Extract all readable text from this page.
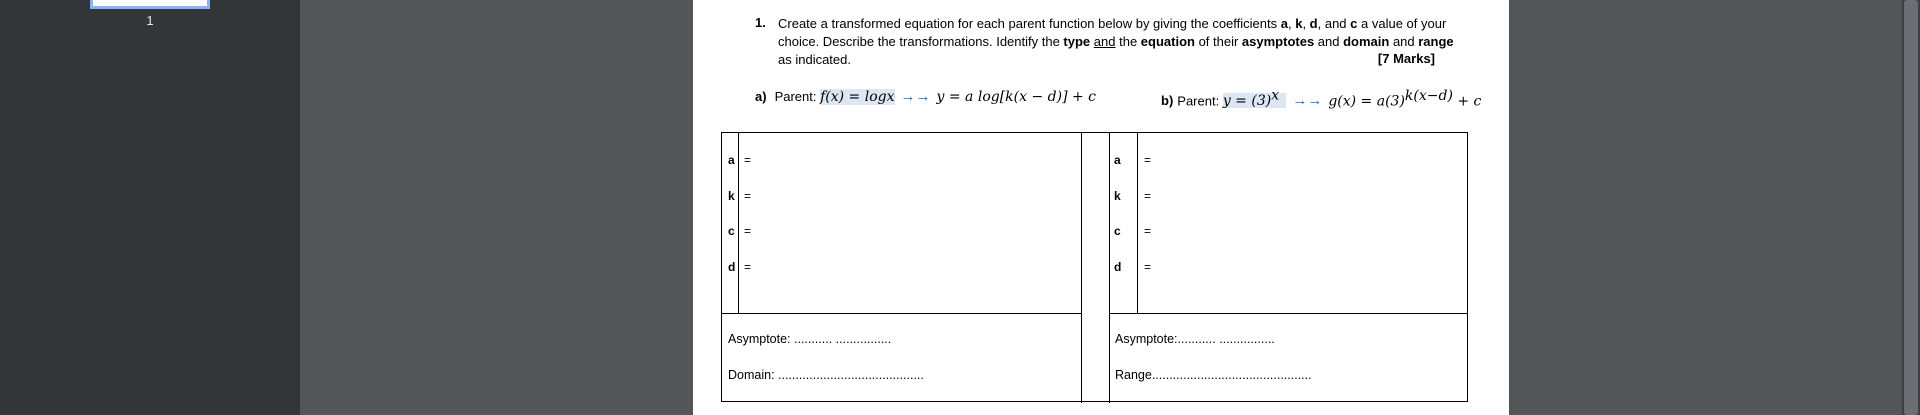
1	1. Create a transformed equation for each parent function below by giving the coefficients a, k, d, and c a value of your choice. Describe the transformations. Identify the type and the equation of their asymptotes and domain and range
as indicated.	[7 Marks]
a) Parent: f(x) = logx →→ y = a log[k(x − d)] + c	b) Parent: $y = (3)^x \to\to g(x) = a(3)^{k(x-d)} + c$
a =
k =
c =
d =
a =
k =
c =
d =
Asymptote: ........... ................
Domain: ..........................................
Asymptote:........... ................
Range..............................................
